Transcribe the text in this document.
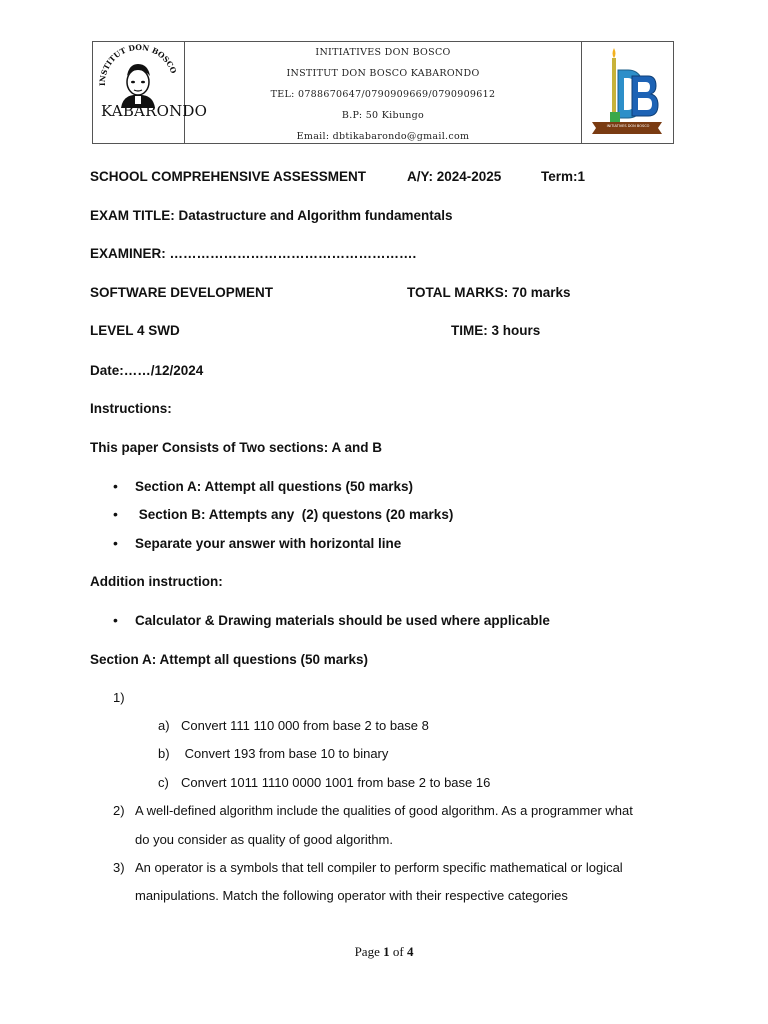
INSTITUT DON BOSCO
KABARONDO
INITIATIVES DON BOSCO
INSTITUT DON BOSCO KABARONDO
TEL: 0788670647/0790909669/0790909612
B.P: 50 Kibungo
Email: dbtikabarondo@gmail.com
INITIATIVES DON BOSCO
SCHOOL COMPREHENSIVE ASSESSMENT	A/Y: 2024-2025	Term:1
EXAM TITLE: Datastructure and Algorithm fundamentals
EXAMINER: ……………………………………………….
SOFTWARE DEVELOPMENT	TOTAL MARKS: 70 marks
LEVEL 4 SWD	TIME: 3 hours
Date:……/12/2024
Instructions:
This paper Consists of Two sections: A and B
• Section A: Attempt all questions (50 marks)
• Section B: Attempts any  (2) questons (20 marks)
• Separate your answer with horizontal line
Addition instruction:
• Calculator & Drawing materials should be used where applicable
Section A: Attempt all questions (50 marks)
1)
a) Convert 111 110 000 from base 2 to base 8
b) Convert 193 from base 10 to binary
c) Convert 1011 1110 0000 1001 from base 2 to base 16
2) A well-defined algorithm include the qualities of good algorithm. As a programmer what
do you consider as quality of good algorithm.
3) An operator is a symbols that tell compiler to perform specific mathematical or logical
manipulations. Match the following operator with their respective categories
Page 1 of 4
